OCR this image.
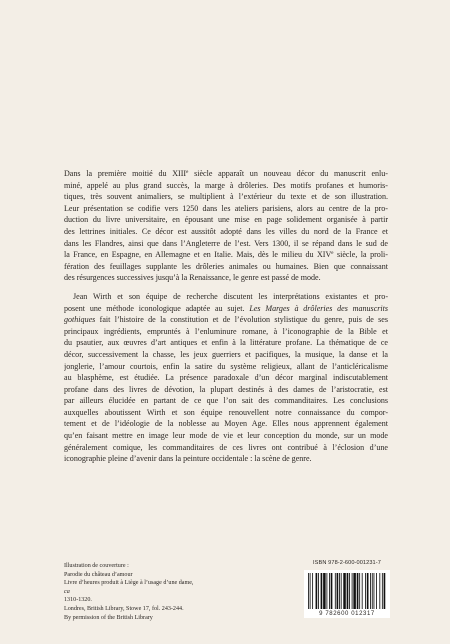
Dans la première moitié du XIIIe siècle apparaît un nouveau décor du manuscrit enlu-
miné, appelé au plus grand succès, la marge à drôleries. Des motifs profanes et humoris-
tiques, très souvent animaliers, se multiplient à l’extérieur du texte et de son illustration.
Leur présentation se codifie vers 1250 dans les ateliers parisiens, alors au centre de la pro-
duction du livre universitaire, en épousant une mise en page solidement organisée à partir
des lettrines initiales. Ce décor est aussitôt adopté dans les villes du nord de la France et
dans les Flandres, ainsi que dans l’Angleterre de l’est. Vers 1300, il se répand dans le sud de
la France, en Espagne, en Allemagne et en Italie. Mais, dès le milieu du XIVe siècle, la proli-
fération des feuillages supplante les drôleries animales ou humaines. Bien que connaissant
des résurgences successives jusqu’à la Renaissance, le genre est passé de mode.

Jean Wirth et son équipe de recherche discutent les interprétations existantes et pro-
posent une méthode iconologique adaptée au sujet. Les Marges à drôleries des manuscrits
gothiques fait l’histoire de la constitution et de l’évolution stylistique du genre, puis de ses
principaux ingrédients, empruntés à l’enluminure romane, à l’iconographie de la Bible et
du psautier, aux œuvres d’art antiques et enfin à la littérature profane. La thématique de ce
décor, successivement la chasse, les jeux guerriers et pacifiques, la musique, la danse et la
jonglerie, l’amour courtois, enfin la satire du système religieux, allant de l’anticléricalisme
au blasphème, est étudiée. La présence paradoxale d’un décor marginal indiscutablement
profane dans des livres de dévotion, la plupart destinés à des dames de l’aristocratie, est
par ailleurs élucidée en partant de ce que l’on sait des commanditaires. Les conclusions
auxquelles aboutissent Wirth et son équipe renouvellent notre connaissance du compor-
tement et de l’idéologie de la noblesse au Moyen Age. Elles nous apprennent également
qu’en faisant mettre en image leur mode de vie et leur conception du monde, sur un mode
généralement comique, les commanditaires de ces livres ont contribué à l’éclosion d’une
iconographie pleine d’avenir dans la peinture occidentale : la scène de genre.

Illustration de couverture :
Parodie du château d’amour
Livre d’heures produit à Liège à l’usage d’une dame,
ca
1310-1320.
Londres, British Library, Stowe 17, fol. 243-244.
By permission of the British Library
ISBN 978-2-600-001231-7
9 782600 012317
